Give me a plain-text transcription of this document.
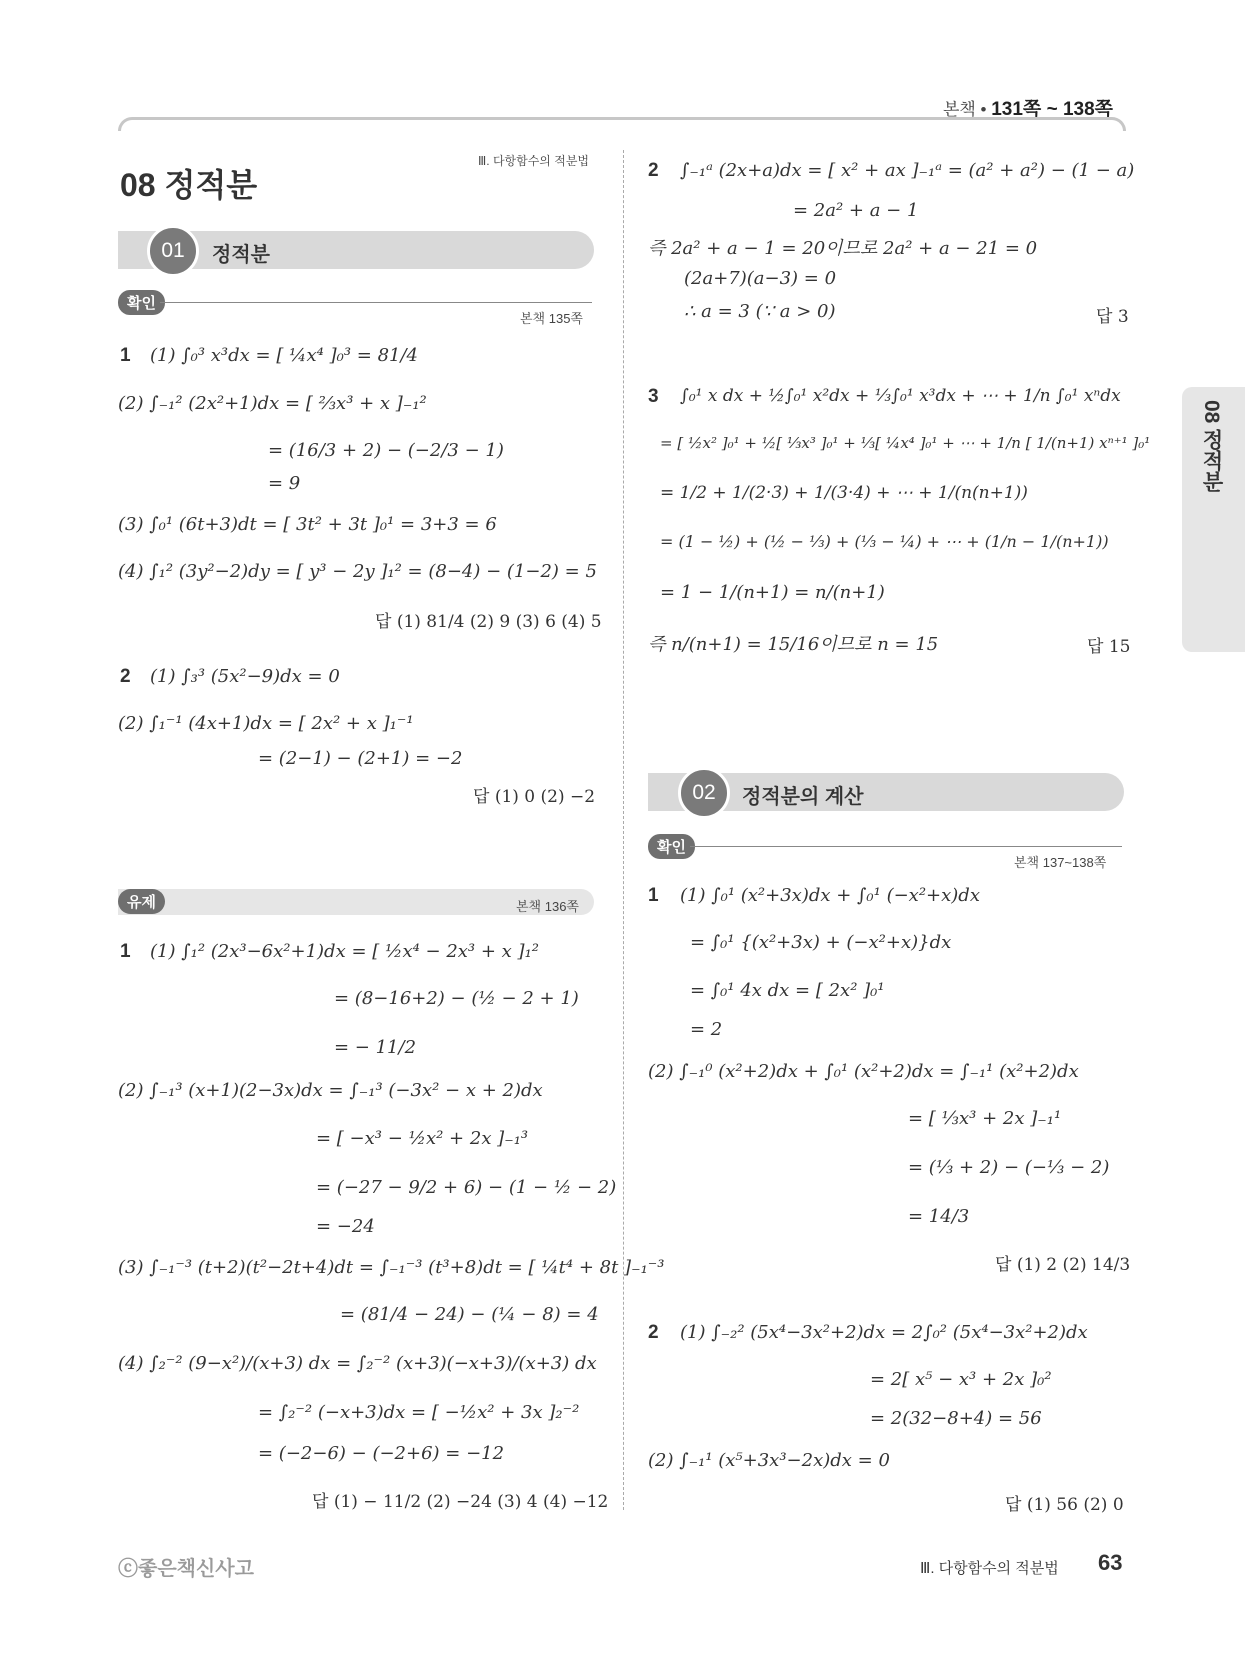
본책 • 131쪽 ~ 138쪽
08 정적분
Ⅲ. 다항함수의 적분법
01	정적분
확인
본책 135쪽
1 (1) ∫₀³ x³dx = [ ¼x⁴ ]₀³ = 81/4
(2) ∫₋₁² (2x²+1)dx = [ ⅔x³ + x ]₋₁²
= (16/3 + 2) − (−2/3 − 1)
= 9
(3) ∫₀¹ (6t+3)dt = [ 3t² + 3t ]₀¹ = 3+3 = 6
(4) ∫₁² (3y²−2)dy = [ y³ − 2y ]₁² = (8−4) − (1−2) = 5
답 (1) 81/4 (2) 9 (3) 6 (4) 5
2 (1) ∫₃³ (5x²−9)dx = 0
(2) ∫₁⁻¹ (4x+1)dx = [ 2x² + x ]₁⁻¹
= (2−1) − (2+1) = −2
답 (1) 0 (2) −2
유제	본책 136쪽
1 (1) ∫₁² (2x³−6x²+1)dx = [ ½x⁴ − 2x³ + x ]₁²
= (8−16+2) − (½ − 2 + 1)
= − 11/2
(2) ∫₋₁³ (x+1)(2−3x)dx = ∫₋₁³ (−3x² − x + 2)dx
= [ −x³ − ½x² + 2x ]₋₁³
= (−27 − 9/2 + 6) − (1 − ½ − 2)
= −24
(3) ∫₋₁⁻³ (t+2)(t²−2t+4)dt = ∫₋₁⁻³ (t³+8)dt = [ ¼t⁴ + 8t ]₋₁⁻³
= (81/4 − 24) − (¼ − 8) = 4
(4) ∫₂⁻² (9−x²)/(x+3) dx = ∫₂⁻² (x+3)(−x+3)/(x+3) dx
= ∫₂⁻² (−x+3)dx = [ −½x² + 3x ]₂⁻²
= (−2−6) − (−2+6) = −12
답 (1) − 11/2 (2) −24 (3) 4 (4) −12
2 ∫₋₁ᵃ (2x+a)dx = [ x² + ax ]₋₁ᵃ = (a² + a²) − (1 − a)
= 2a² + a − 1
즉 2a² + a − 1 = 20이므로 2a² + a − 21 = 0
(2a+7)(a−3) = 0
∴ a = 3 (∵ a > 0)	답 3
3 ∫₀¹ x dx + ½∫₀¹ x²dx + ⅓∫₀¹ x³dx + ⋯ + 1/n ∫₀¹ xⁿdx
= [ ½x² ]₀¹ + ½[ ⅓x³ ]₀¹ + ⅓[ ¼x⁴ ]₀¹ + ⋯ + 1/n [ 1/(n+1) xⁿ⁺¹ ]₀¹
= 1/2 + 1/(2·3) + 1/(3·4) + ⋯ + 1/(n(n+1))
= (1 − ½) + (½ − ⅓) + (⅓ − ¼) + ⋯ + (1/n − 1/(n+1))
= 1 − 1/(n+1) = n/(n+1)
즉 n/(n+1) = 15/16이므로 n = 15	답 15
02	정적분의 계산
확인
본책 137~138쪽
1 (1) ∫₀¹ (x²+3x)dx + ∫₀¹ (−x²+x)dx
= ∫₀¹ {(x²+3x) + (−x²+x)}dx
= ∫₀¹ 4x dx = [ 2x² ]₀¹
= 2
(2) ∫₋₁⁰ (x²+2)dx + ∫₀¹ (x²+2)dx = ∫₋₁¹ (x²+2)dx
= [ ⅓x³ + 2x ]₋₁¹
= (⅓ + 2) − (−⅓ − 2)
= 14/3
답 (1) 2 (2) 14/3
2 (1) ∫₋₂² (5x⁴−3x²+2)dx = 2∫₀² (5x⁴−3x²+2)dx
= 2[ x⁵ − x³ + 2x ]₀²
= 2(32−8+4) = 56
(2) ∫₋₁¹ (x⁵+3x³−2x)dx = 0
답 (1) 56 (2) 0
08 정적분
ⓒ좋은책신사고	Ⅲ. 다항함수의 적분법 63
